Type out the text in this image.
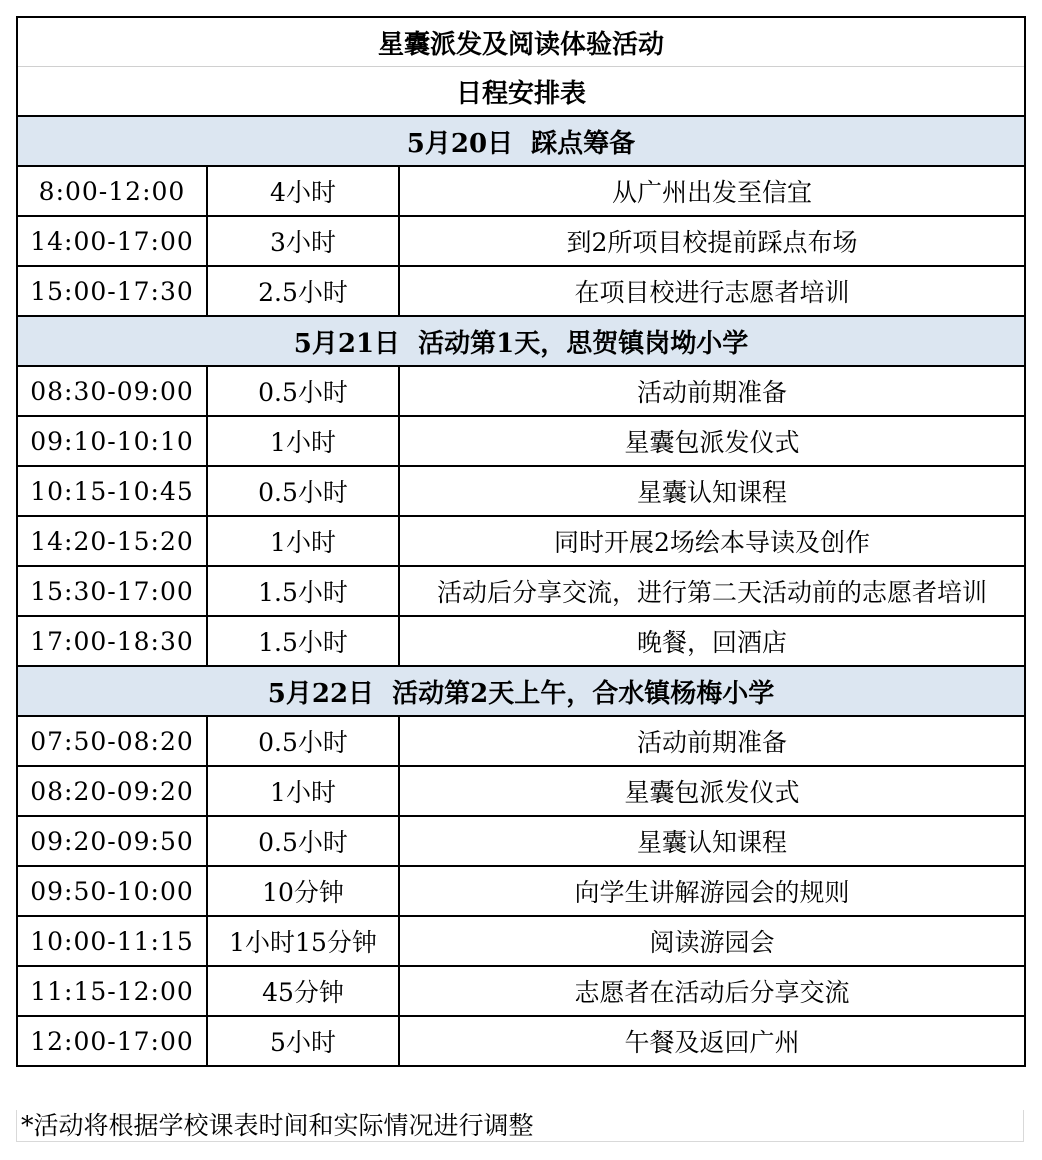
星囊派发及阅读体验活动		
日程安排表		
5月20日  踩点筹备		
8:00-12:00	4小时	从广州出发至信宜
14:00-17:00	3小时	到2所项目校提前踩点布场
15:00-17:30	2.5小时	在项目校进行志愿者培训
5月21日  活动第1天，思贺镇岗坳小学		
08:30-09:00	0.5小时	活动前期准备
09:10-10:10	1小时	星囊包派发仪式
10:15-10:45	0.5小时	星囊认知课程
14:20-15:20	1小时	同时开展2场绘本导读及创作
15:30-17:00	1.5小时	活动后分享交流，进行第二天活动前的志愿者培训
17:00-18:30	1.5小时	晚餐，回酒店
5月22日  活动第2天上午，合水镇杨梅小学		
07:50-08:20	0.5小时	活动前期准备
08:20-09:20	1小时	星囊包派发仪式
09:20-09:50	0.5小时	星囊认知课程
09:50-10:00	10分钟	向学生讲解游园会的规则
10:00-11:15	1小时15分钟	阅读游园会
11:15-12:00	45分钟	志愿者在活动后分享交流
12:00-17:00	5小时	午餐及返回广州
*活动将根据学校课表时间和实际情况进行调整
